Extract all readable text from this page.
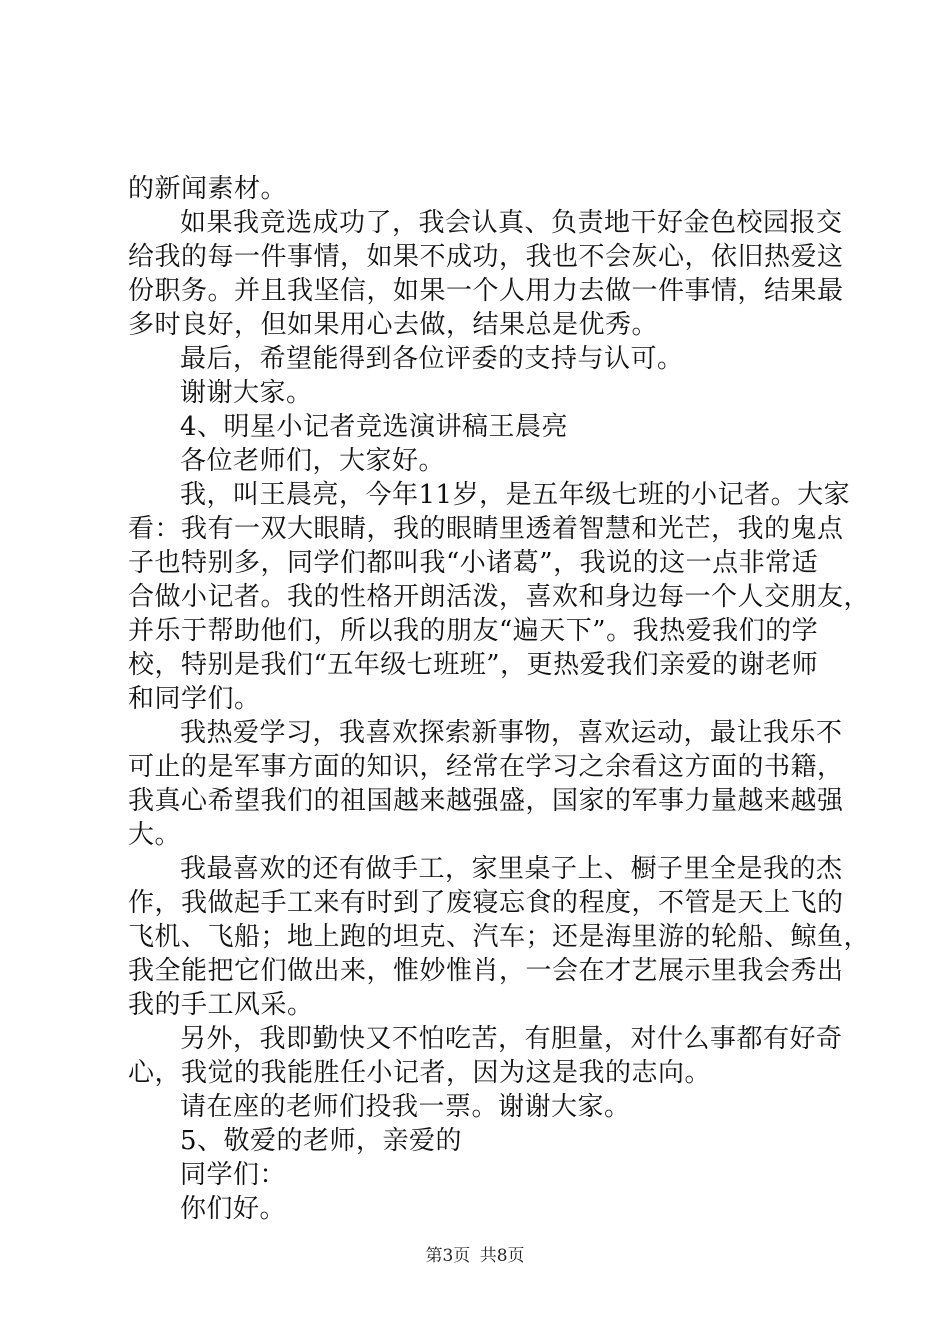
的新闻素材。
如果我竞选成功了，我会认真、负责地干好金色校园报交
给我的每一件事情，如果不成功，我也不会灰心，依旧热爱这
份职务。并且我坚信，如果一个人用力去做一件事情，结果最
多时良好，但如果用心去做，结果总是优秀。
最后，希望能得到各位评委的支持与认可。
谢谢大家。
4、明星小记者竞选演讲稿王晨亮
各位老师们，大家好。
我，叫王晨亮，今年11岁，是五年级七班的小记者。大家
看：我有一双大眼睛，我的眼睛里透着智慧和光芒，我的鬼点
子也特别多，同学们都叫我“小诸葛”，我说的这一点非常适
合做小记者。我的性格开朗活泼，喜欢和身边每一个人交朋友，
并乐于帮助他们，所以我的朋友“遍天下”。我热爱我们的学
校，特别是我们“五年级七班班”，更热爱我们亲爱的谢老师
和同学们。
我热爱学习，我喜欢探索新事物，喜欢运动，最让我乐不
可止的是军事方面的知识，经常在学习之余看这方面的书籍，
我真心希望我们的祖国越来越强盛，国家的军事力量越来越强
大。
我最喜欢的还有做手工，家里桌子上、橱子里全是我的杰
作，我做起手工来有时到了废寝忘食的程度，不管是天上飞的
飞机、飞船；地上跑的坦克、汽车；还是海里游的轮船、鲸鱼，
我全能把它们做出来，惟妙惟肖，一会在才艺展示里我会秀出
我的手工风采。
另外，我即勤快又不怕吃苦，有胆量，对什么事都有好奇
心，我觉的我能胜任小记者，因为这是我的志向。
请在座的老师们投我一票。谢谢大家。
5、敬爱的老师，亲爱的
同学们：
你们好。
第3页 共8页
